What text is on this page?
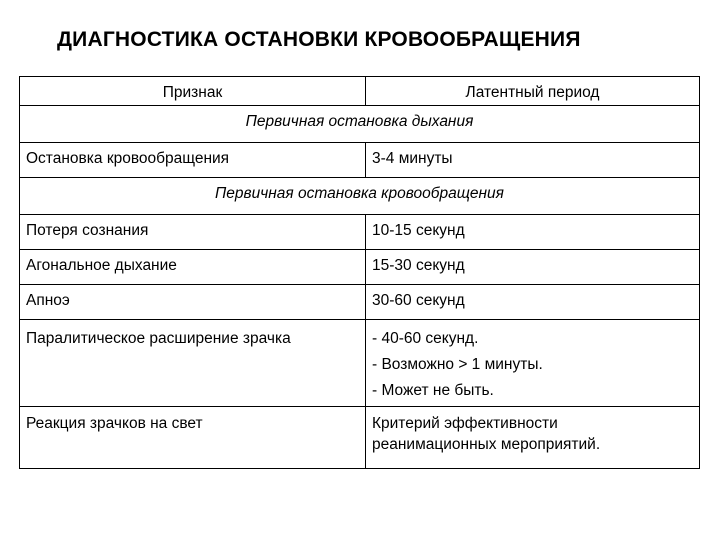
ДИАГНОСТИКА ОСТАНОВКИ КРОВООБРАЩЕНИЯ
Признак	Латентный период
Первичная остановка дыхания	
Остановка кровообращения	3-4 минуты
Первичная остановка кровообращения	
Потеря сознания	10-15 секунд
Агональное дыхание	15-30 секунд
Апноэ	30-60 секунд
Паралитическое расширение зрачка	- 40-60 секунд.
- Возможно > 1 минуты.
- Может не быть.

Реакция зрачков на свет	Критерий эффективности
реанимационных мероприятий.
